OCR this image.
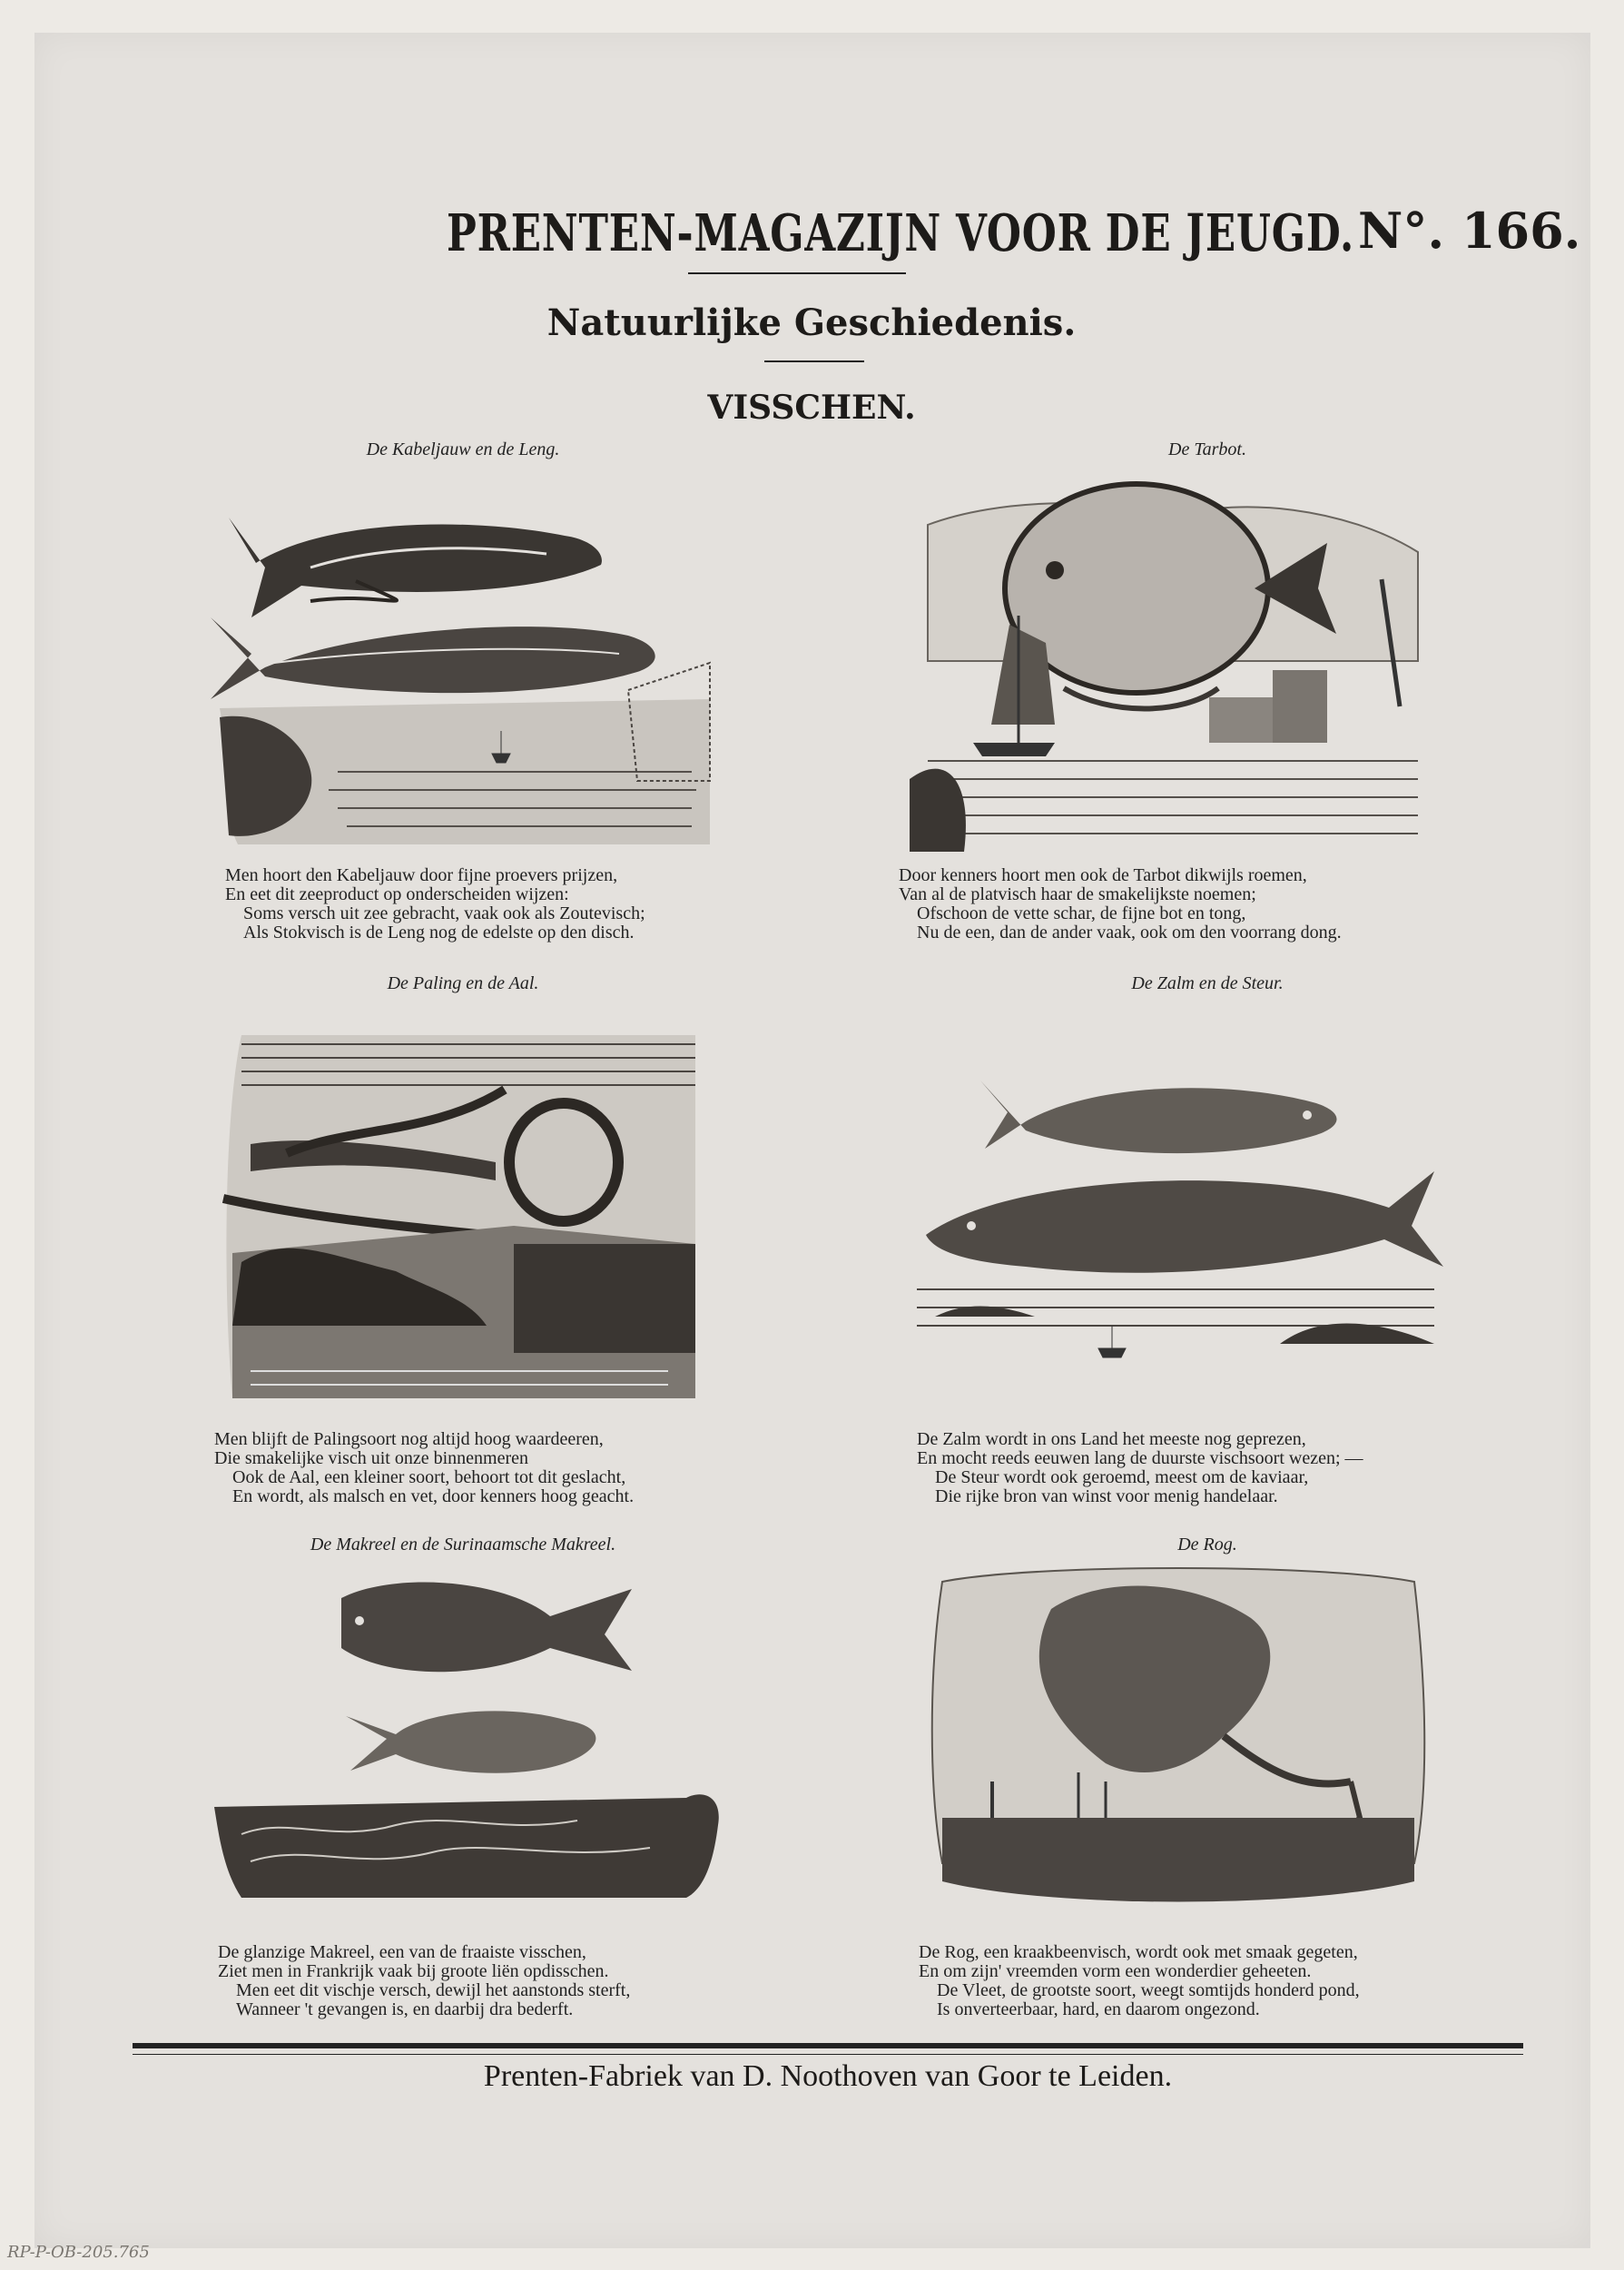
PRENTEN-MAGAZIJN VOOR DE JEUGD. N°. 166.
Natuurlijke Geschiedenis.
VISSCHEN.
De Kabeljauw en de Leng.
Men hoort den Kabeljauw door fijne proevers prijzen,
En eet dit zeeproduct op onderscheiden wijzen:
Soms versch uit zee gebracht, vaak ook als Zoutevisch;
Als Stokvisch is de Leng nog de edelste op den disch.
De Tarbot.
Door kenners hoort men ook de Tarbot dikwijls roemen,
Van al de platvisch haar de smakelijkste noemen;
Ofschoon de vette schar, de fijne bot en tong,
Nu de een, dan de ander vaak, ook om den voorrang dong.
De Paling en de Aal.
Men blijft de Palingsoort nog altijd hoog waardeeren,
Die smakelijke visch uit onze binnenmeren
Ook de Aal, een kleiner soort, behoort tot dit geslacht,
En wordt, als malsch en vet, door kenners hoog geacht.
De Zalm en de Steur.
De Zalm wordt in ons Land het meeste nog geprezen,
En mocht reeds eeuwen lang de duurste vischsoort wezen; —
De Steur wordt ook geroemd, meest om de kaviaar,
Die rijke bron van winst voor menig handelaar.
De Makreel en de Surinaamsche Makreel.
De glanzige Makreel, een van de fraaiste visschen,
Ziet men in Frankrijk vaak bij groote liën opdisschen.
Men eet dit vischje versch, dewijl het aanstonds sterft,
Wanneer 't gevangen is, en daarbij dra bederft.
De Rog.
De Rog, een kraakbeenvisch, wordt ook met smaak gegeten,
En om zijn' vreemden vorm een wonderdier geheeten.
De Vleet, de grootste soort, weegt somtijds honderd pond,
Is onverteerbaar, hard, en daarom ongezond.
Prenten-Fabriek van D. Noothoven van Goor te Leiden.
RP-P-OB-205.765
